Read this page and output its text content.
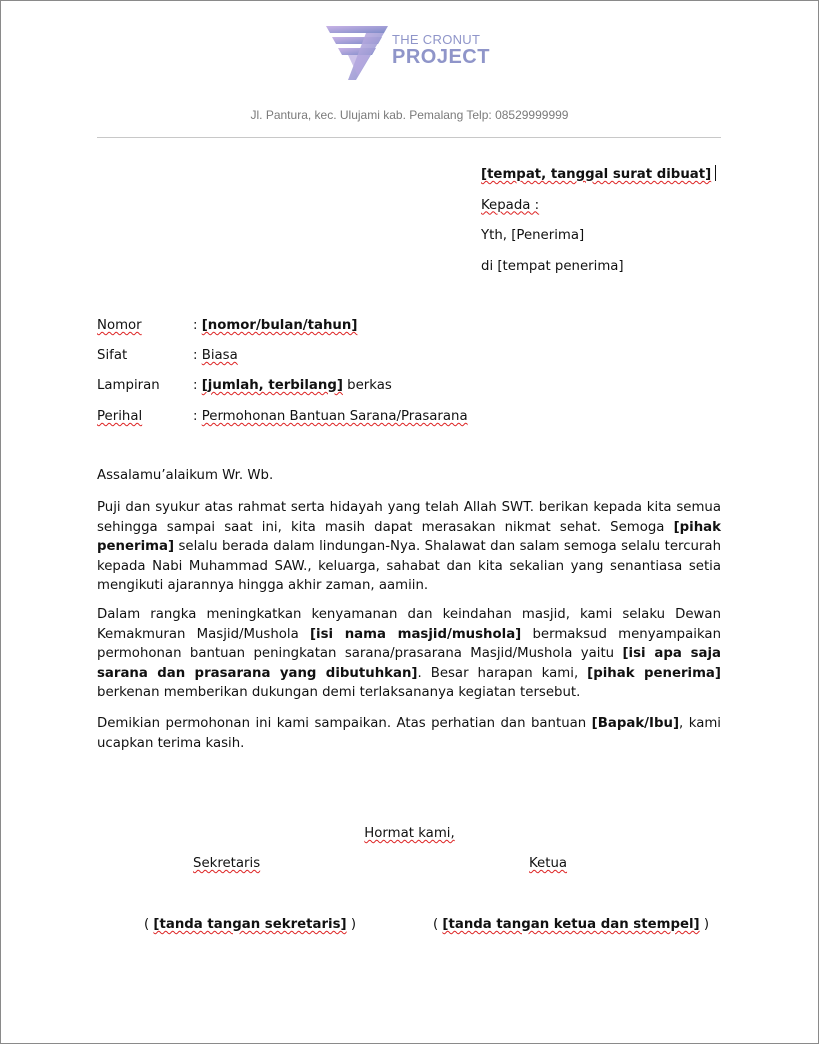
THE CRONUT
PROJECT
Jl. Pantura, kec. Ulujami kab. Pemalang Telp: 08529999999
[tempat, tanggal surat dibuat]
Kepada :
Yth, [Penerima]
di [tempat penerima]
Nomor	: [nomor/bulan/tahun]
Sifat	: Biasa
Lampiran	: [jumlah, terbilang] berkas
Perihal	: Permohonan Bantuan Sarana/Prasarana
Assalamu’alaikum Wr. Wb.
Puji dan syukur atas rahmat serta hidayah yang telah Allah SWT. berikan kepada kita semua sehingga sampai saat ini, kita masih dapat merasakan nikmat sehat. Semoga [pihak penerima] selalu berada dalam lindungan-Nya. Shalawat dan salam semoga selalu tercurah kepada Nabi Muhammad SAW., keluarga, sahabat dan kita sekalian yang senantiasa setia mengikuti ajarannya hingga akhir zaman, aamiin.
Dalam rangka meningkatkan kenyamanan dan keindahan masjid, kami selaku Dewan Kemakmuran Masjid/Mushola [isi nama masjid/mushola] bermaksud menyampaikan permohonan bantuan peningkatan sarana/prasarana Masjid/Mushola yaitu [isi apa saja sarana dan prasarana yang dibutuhkan]. Besar harapan kami, [pihak penerima] berkenan memberikan dukungan demi terlaksananya kegiatan tersebut.
Demikian permohonan ini kami sampaikan. Atas perhatian dan bantuan [Bapak/Ibu], kami ucapkan terima kasih.
Hormat kami,
Sekretaris	Ketua
( [tanda tangan sekretaris] )	( [tanda tangan ketua dan stempel] )
